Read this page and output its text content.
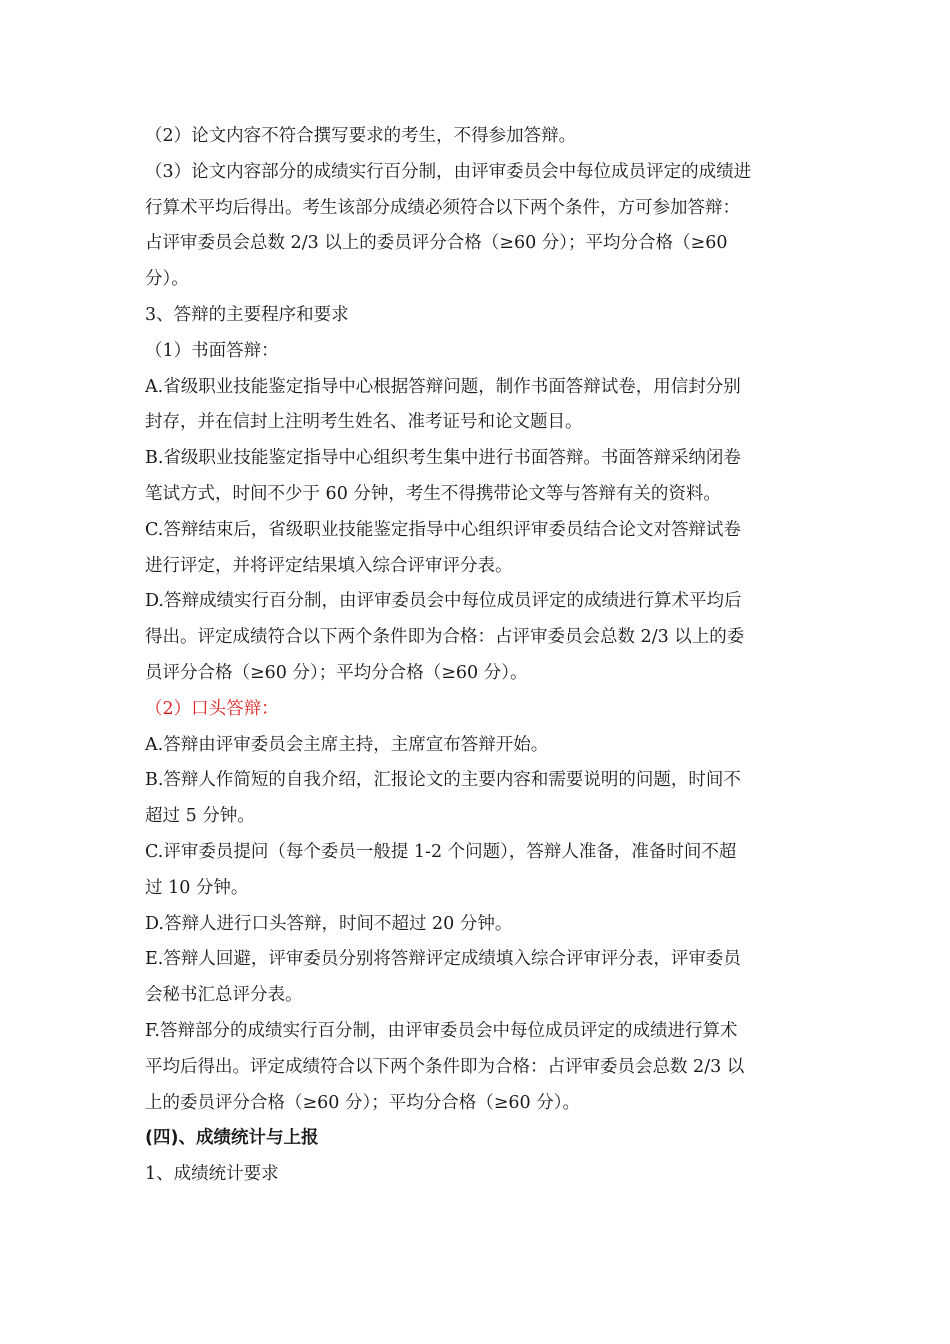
（2）论文内容不符合撰写要求的考生，不得参加答辩。
（3）论文内容部分的成绩实行百分制，由评审委员会中每位成员评定的成绩进
行算术平均后得出。考生该部分成绩必须符合以下两个条件，方可参加答辩：
占评审委员会总数 2/3 以上的委员评分合格（≥60 分）；平均分合格（≥60
分）。
3、答辩的主要程序和要求
（1）书面答辩：
A.省级职业技能鉴定指导中心根据答辩问题，制作书面答辩试卷，用信封分别
封存，并在信封上注明考生姓名、准考证号和论文题目。
B.省级职业技能鉴定指导中心组织考生集中进行书面答辩。书面答辩采纳闭卷
笔试方式，时间不少于 60 分钟，考生不得携带论文等与答辩有关的资料。
C.答辩结束后，省级职业技能鉴定指导中心组织评审委员结合论文对答辩试卷
进行评定，并将评定结果填入综合评审评分表。
D.答辩成绩实行百分制，由评审委员会中每位成员评定的成绩进行算术平均后
得出。评定成绩符合以下两个条件即为合格：占评审委员会总数 2/3 以上的委
员评分合格（≥60 分）；平均分合格（≥60 分）。
（2）口头答辩：
A.答辩由评审委员会主席主持，主席宣布答辩开始。
B.答辩人作简短的自我介绍，汇报论文的主要内容和需要说明的问题，时间不
超过 5 分钟。
C.评审委员提问（每个委员一般提 1-2 个问题），答辩人准备，准备时间不超
过 10 分钟。
D.答辩人进行口头答辩，时间不超过 20 分钟。
E.答辩人回避，评审委员分别将答辩评定成绩填入综合评审评分表，评审委员
会秘书汇总评分表。
F.答辩部分的成绩实行百分制，由评审委员会中每位成员评定的成绩进行算术
平均后得出。评定成绩符合以下两个条件即为合格：占评审委员会总数 2/3 以
上的委员评分合格（≥60 分）；平均分合格（≥60 分）。
(四)、成绩统计与上报
1、成绩统计要求
